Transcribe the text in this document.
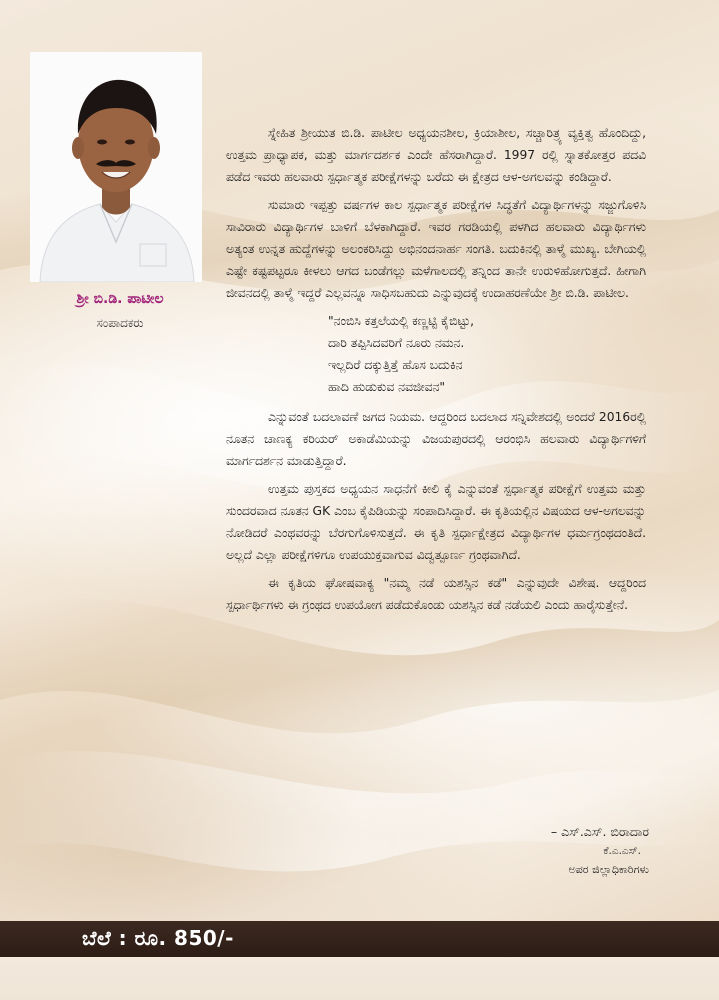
ಶ್ರೀ ಬಿ.ಡಿ. ಪಾಟೀಲ
ಸಂಪಾದಕರು

ಸ್ನೇಹಿತ ಶ್ರೀಯುತ ಬಿ.ಡಿ. ಪಾಟೀಲ ಅಧ್ಯಯನಶೀಲ, ಕ್ರಿಯಾಶೀಲ, ಸಚ್ಚಾರಿತ್ರ್ಯ ವ್ಯಕ್ತಿತ್ವ ಹೊಂದಿದ್ದು, ಉತ್ತಮ ಪ್ರಾಧ್ಯಾಪಕ, ಮತ್ತು ಮಾರ್ಗದರ್ಶಕ ಎಂದೇ ಹೆಸರಾಗಿದ್ದಾರೆ. 1997 ರಲ್ಲಿ ಸ್ನಾತಕೋತ್ತರ ಪದವಿ ಪಡೆದ ಇವರು ಹಲವಾರು ಸ್ಪರ್ಧಾತ್ಮಕ ಪರೀಕ್ಷೆಗಳನ್ನು ಬರೆದು ಈ ಕ್ಷೇತ್ರದ ಆಳ-ಅಗಲವನ್ನು ಕಂಡಿದ್ದಾರೆ.

ಸುಮಾರು ಇಪ್ಪತ್ತು ವರ್ಷಗಳ ಕಾಲ ಸ್ಪರ್ಧಾತ್ಮಕ ಪರೀಕ್ಷೆಗಳ ಸಿದ್ಧತೆಗೆ ವಿದ್ಯಾರ್ಥಿಗಳನ್ನು ಸಜ್ಜುಗೊಳಿಸಿ ಸಾವಿರಾರು ವಿದ್ಯಾರ್ಥಿಗಳ ಬಾಳಿಗೆ ಬೆಳಕಾಗಿದ್ದಾರೆ. ಇವರ ಗರಡಿಯಲ್ಲಿ ಪಳಗಿದ ಹಲವಾರು ವಿದ್ಯಾರ್ಥಿಗಳು ಅತ್ಯಂತ ಉನ್ನತ ಹುದ್ದೆಗಳನ್ನು ಅಲಂಕರಿಸಿದ್ದು ಅಭಿನಂದನಾರ್ಹ ಸಂಗತಿ. ಬದುಕಿನಲ್ಲಿ ತಾಳ್ಮೆ ಮುಖ್ಯ. ಬೇಗಿಯಲ್ಲಿ ಎಷ್ಟೇ ಕಷ್ಟಪಟ್ಟರೂ ಕೀಳಲು ಆಗದ ಬಂಡೆಗಲ್ಲು ಮಳೆಗಾಲದಲ್ಲಿ ತನ್ನಿಂದ ತಾನೇ ಉರುಳಿಹೋಗುತ್ತದೆ. ಹೀಗಾಗಿ ಜೀವನದಲ್ಲಿ ತಾಳ್ಮೆ ಇದ್ದರೆ ಎಲ್ಲವನ್ನೂ ಸಾಧಿಸಬಹುದು ಎನ್ನುವುದಕ್ಕೆ ಉದಾಹರಣೆಯೇ ಶ್ರೀ ಬಿ.ಡಿ. ಪಾಟೀಲ.

"ನಂಬಿಸಿ ಕತ್ತಲೆಯಲ್ಲಿ ಕಣ್ಣಟ್ಟಿ ಕೈಬಿಟ್ಟು,
ದಾರಿ ತಪ್ಪಿಸಿದವರಿಗೆ ನೂರು ನಮನ.
ಇಲ್ಲದಿರೆ ದಕ್ಕುತ್ತಿತ್ತೆ ಹೊಸ ಬದುಕಿನ
ಹಾದಿ ಹುಡುಕುವ ನವಜೀವನ"

ಎನ್ನುವಂತೆ ಬದಲಾವಣೆ ಜಗದ ನಿಯಮ. ಆದ್ದರಿಂದ ಬದಲಾದ ಸನ್ನಿವೇಶದಲ್ಲಿ ಅಂದರೆ 2016ರಲ್ಲಿ ನೂತನ ಚಾಣಕ್ಯ ಕರಿಯರ್ ಅಕಾಡೆಮಿಯನ್ನು ವಿಜಯಪುರದಲ್ಲಿ ಆರಂಭಿಸಿ ಹಲವಾರು ವಿದ್ಯಾರ್ಥಿಗಳಿಗೆ ಮಾರ್ಗದರ್ಶನ ಮಾಡುತ್ತಿದ್ದಾರೆ.

ಉತ್ತಮ ಪುಸ್ತಕದ ಅಧ್ಯಯನ ಸಾಧನೆಗೆ ಕೀಲಿ ಕೈ ಎನ್ನುವಂತೆ ಸ್ಪರ್ಧಾತ್ಮಕ ಪರೀಕ್ಷೆಗೆ ಉತ್ತಮ ಮತ್ತು ಸುಂದರವಾದ ನೂತನ GK ಎಂಬ ಕೈಪಿಡಿಯನ್ನು ಸಂಪಾದಿಸಿದ್ದಾರೆ. ಈ ಕೃತಿಯಲ್ಲಿನ ವಿಷಯದ ಆಳ-ಅಗಲವನ್ನು ನೋಡಿದರೆ ಎಂಥವರನ್ನು ಬೆರಗುಗೊಳಿಸುತ್ತದೆ. ಈ ಕೃತಿ ಸ್ಪರ್ಧಾಕ್ಷೇತ್ರದ ವಿದ್ಯಾರ್ಥಿಗಳ ಧರ್ಮಗ್ರಂಥದಂತಿದೆ. ಅಲ್ಲದೆ ಎಲ್ಲಾ ಪರೀಕ್ಷೆಗಳಿಗೂ ಉಪಯುಕ್ತವಾಗುವ ವಿದ್ವತ್ಪೂರ್ಣ ಗ್ರಂಥವಾಗಿದೆ.

ಈ ಕೃತಿಯ ಘೋಷವಾಕ್ಯ "ನಮ್ಮ ನಡೆ ಯಶಸ್ಸಿನ ಕಡೆ" ಎನ್ನುವುದೇ ವಿಶೇಷ. ಆದ್ದರಿಂದ ಸ್ಪರ್ಧಾರ್ಥಿಗಳು ಈ ಗ್ರಂಥದ ಉಪಯೋಗ ಪಡೆದುಕೊಂಡು ಯಶಸ್ಸಿನ ಕಡೆ ನಡೆಯಲಿ ಎಂದು ಹಾರೈಸುತ್ತೇನೆ.

– ಎಸ್.ಎಸ್. ಬಿರಾದಾರ
ಕೆ.ಎ.ಎಸ್.
ಅಪರ ಜಿಲ್ಲಾಧಿಕಾರಿಗಳು
ಬೆಲೆ : ರೂ. 850/-
